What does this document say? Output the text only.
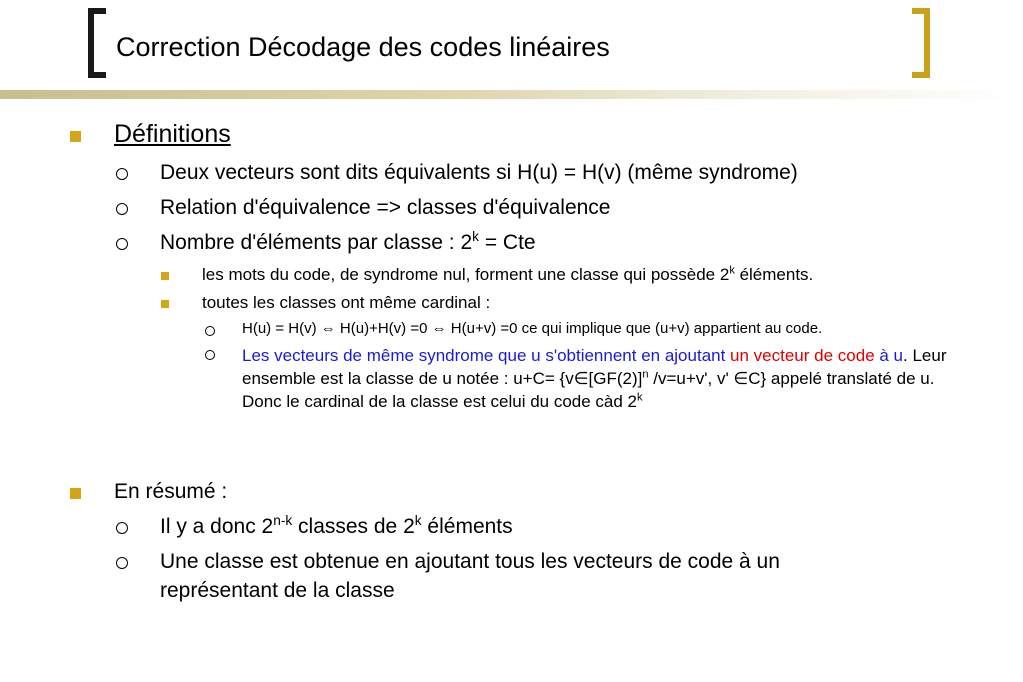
Correction Décodage des codes linéaires
Définitions
Deux vecteurs sont dits équivalents si H(u) = H(v) (même syndrome)
Relation d'équivalence => classes d'équivalence
Nombre d'éléments par classe : $2^k$ = Cte
les mots du code, de syndrome nul, forment une classe qui possède 2$^k$ éléments.
toutes les classes ont même cardinal :
H(u) = H(v) ⇔ H(u)+H(v) =0 ⇔ H(u+v) =0 ce qui implique que (u+v) appartient au code.
Les vecteurs de même syndrome que u s'obtiennent en ajoutant un vecteur de code à u. Leur ensemble est la classe de u notée : $u+C= \{v\in[GF(2)]^n$ /v=u+v', v' ∈C} appelé translaté de u. Donc le cardinal de la classe est celui du code càd 2$^k$
En résumé :
Il y a donc 2$^{n-k}$ classes de 2$^k$ éléments
Une classe est obtenue en ajoutant tous les vecteurs de code à un
représentant de la classe
